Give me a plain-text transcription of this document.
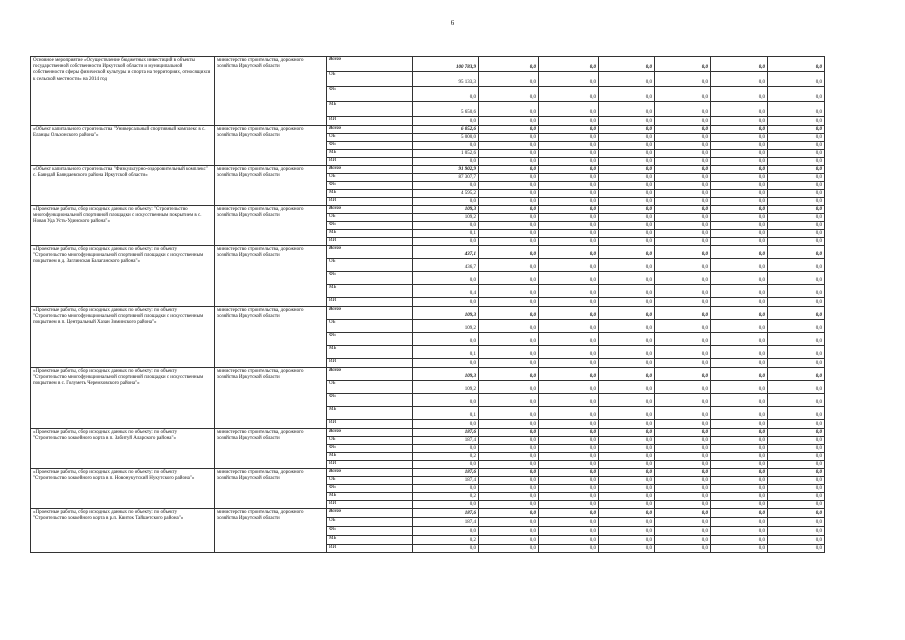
6
Основное мероприятие «Осуществление бюджетных инвестиций в объекты государственной собственности Иркутской области и муниципальной собственности сферы физической культуры и спорта на территориях, относящихся к сельской местности» на 2014 год	министерство строительства, дорожного хозяйства Иркутской области	Всего	100 783,9	0,0	0,0	0,0	0,0	0,0	0,0
		ОБ	95 133,3	0,0	0,0	0,0	0,0	0,0	0,0
		ФБ	0,0	0,0	0,0	0,0	0,0	0,0	0,0
		МБ	5 650,6	0,0	0,0	0,0	0,0	0,0	0,0
		ИИ	0,0	0,0	0,0	0,0	0,0	0,0	0,0
«Объект капитального строительства "Универсальный спортивный комплекс в с. Еланцы Ольхонского района"»	министерство строительства, дорожного хозяйства Иркутской области	Всего	6 052,6	0,0	0,0	0,0	0,0	0,0	0,0
		ОБ	5 000,0	0,0	0,0	0,0	0,0	0,0	0,0
		ФБ	0,0	0,0	0,0	0,0	0,0	0,0	0,0
		МБ	1 052,6	0,0	0,0	0,0	0,0	0,0	0,0
		ИИ	0,0	0,0	0,0	0,0	0,0	0,0	0,0
«Объект капитального строительства "Физкультурно-оздоровительный комплекс" с. Баяндай Баяндаевского района Иркутской области»	министерство строительства, дорожного хозяйства Иркутской области	Всего	91 902,9	0,0	0,0	0,0	0,0	0,0	0,0
		ОБ	87 307,7	0,0	0,0	0,0	0,0	0,0	0,0
		ФБ	0,0	0,0	0,0	0,0	0,0	0,0	0,0
		МБ	4 595,2	0,0	0,0	0,0	0,0	0,0	0,0
		ИИ	0,0	0,0	0,0	0,0	0,0	0,0	0,0
«Проектные работы, сбор исходных данных по объекту: "Строительство многофункциональной спортивной площадки с искусственным покрытием в с. Новая Уда Усть-Удинского района"»	министерство строительства, дорожного хозяйства Иркутской области	Всего	109,3	0,0	0,0	0,0	0,0	0,0	0,0
		ОБ	109,2	0,0	0,0	0,0	0,0	0,0	0,0
		ФБ	0,0	0,0	0,0	0,0	0,0	0,0	0,0
		МБ	0,1	0,0	0,0	0,0	0,0	0,0	0,0
		ИИ	0,0	0,0	0,0	0,0	0,0	0,0	0,0
«Проектные работы, сбор исходных данных по объекту: по объекту "Строительство многофункциональной спортивной площадки с искусственным покрытием в д. Заглинская Балаганского района"»	министерство строительства, дорожного хозяйства Иркутской области	Всего	437,1	0,0	0,0	0,0	0,0	0,0	0,0
		ОБ	436,7	0,0	0,0	0,0	0,0	0,0	0,0
		ФБ	0,0	0,0	0,0	0,0	0,0	0,0	0,0
		МБ	0,4	0,0	0,0	0,0	0,0	0,0	0,0
		ИИ	0,0	0,0	0,0	0,0	0,0	0,0	0,0
«Проектные работы, сбор исходных данных по объекту: по объекту "Строительство многофункциональной спортивной площадки с искусственным покрытием в п. Центральный Хазан Зиминского района"»	министерство строительства, дорожного хозяйства Иркутской области	Всего	109,3	0,0	0,0	0,0	0,0	0,0	0,0
		ОБ	109,2	0,0	0,0	0,0	0,0	0,0	0,0
		ФБ	0,0	0,0	0,0	0,0	0,0	0,0	0,0
		МБ	0,1	0,0	0,0	0,0	0,0	0,0	0,0
		ИИ	0,0	0,0	0,0	0,0	0,0	0,0	0,0
«Проектные работы, сбор исходных данных по объекту: по объекту "Строительство многофункциональной спортивной площадки с искусственным покрытием в с. Голуметь Черемховского района"»	министерство строительства, дорожного хозяйства Иркутской области	Всего	109,3	0,0	0,0	0,0	0,0	0,0	0,0
		ОБ	109,2	0,0	0,0	0,0	0,0	0,0	0,0
		ФБ	0,0	0,0	0,0	0,0	0,0	0,0	0,0
		МБ	0,1	0,0	0,0	0,0	0,0	0,0	0,0
		ИИ	0,0	0,0	0,0	0,0	0,0	0,0	0,0
«Проектные работы, сбор исходных данных по объекту: по объекту "Строительство хоккейного корта в п. Забитуй Аларского района"»	министерство строительства, дорожного хозяйства Иркутской области	Всего	187,6	0,0	0,0	0,0	0,0	0,0	0,0
		ОБ	187,4	0,0	0,0	0,0	0,0	0,0	0,0
		ФБ	0,0	0,0	0,0	0,0	0,0	0,0	0,0
		МБ	0,2	0,0	0,0	0,0	0,0	0,0	0,0
		ИИ	0,0	0,0	0,0	0,0	0,0	0,0	0,0
«Проектные работы, сбор исходных данных по объекту: по объекту "Строительство хоккейного корта в п. Новонукутский Нукутского района"»	министерство строительства, дорожного хозяйства Иркутской области	Всего	187,6	0,0	0,0	0,0	0,0	0,0	0,0
		ОБ	187,4	0,0	0,0	0,0	0,0	0,0	0,0
		ФБ	0,0	0,0	0,0	0,0	0,0	0,0	0,0
		МБ	0,2	0,0	0,0	0,0	0,0	0,0	0,0
		ИИ	0,0	0,0	0,0	0,0	0,0	0,0	0,0
«Проектные работы, сбор исходных данных по объекту: по объекту "Строительство хоккейного корта в р.п. Квиток Тайшетского района"»	министерство строительства, дорожного хозяйства Иркутской области	Всего	187,6	0,0	0,0	0,0	0,0	0,0	0,0
		ОБ	187,4	0,0	0,0	0,0	0,0	0,0	0,0
		ФБ	0,0	0,0	0,0	0,0	0,0	0,0	0,0
		МБ	0,2	0,0	0,0	0,0	0,0	0,0	0,0
		ИИ	0,0	0,0	0,0	0,0	0,0	0,0	0,0
